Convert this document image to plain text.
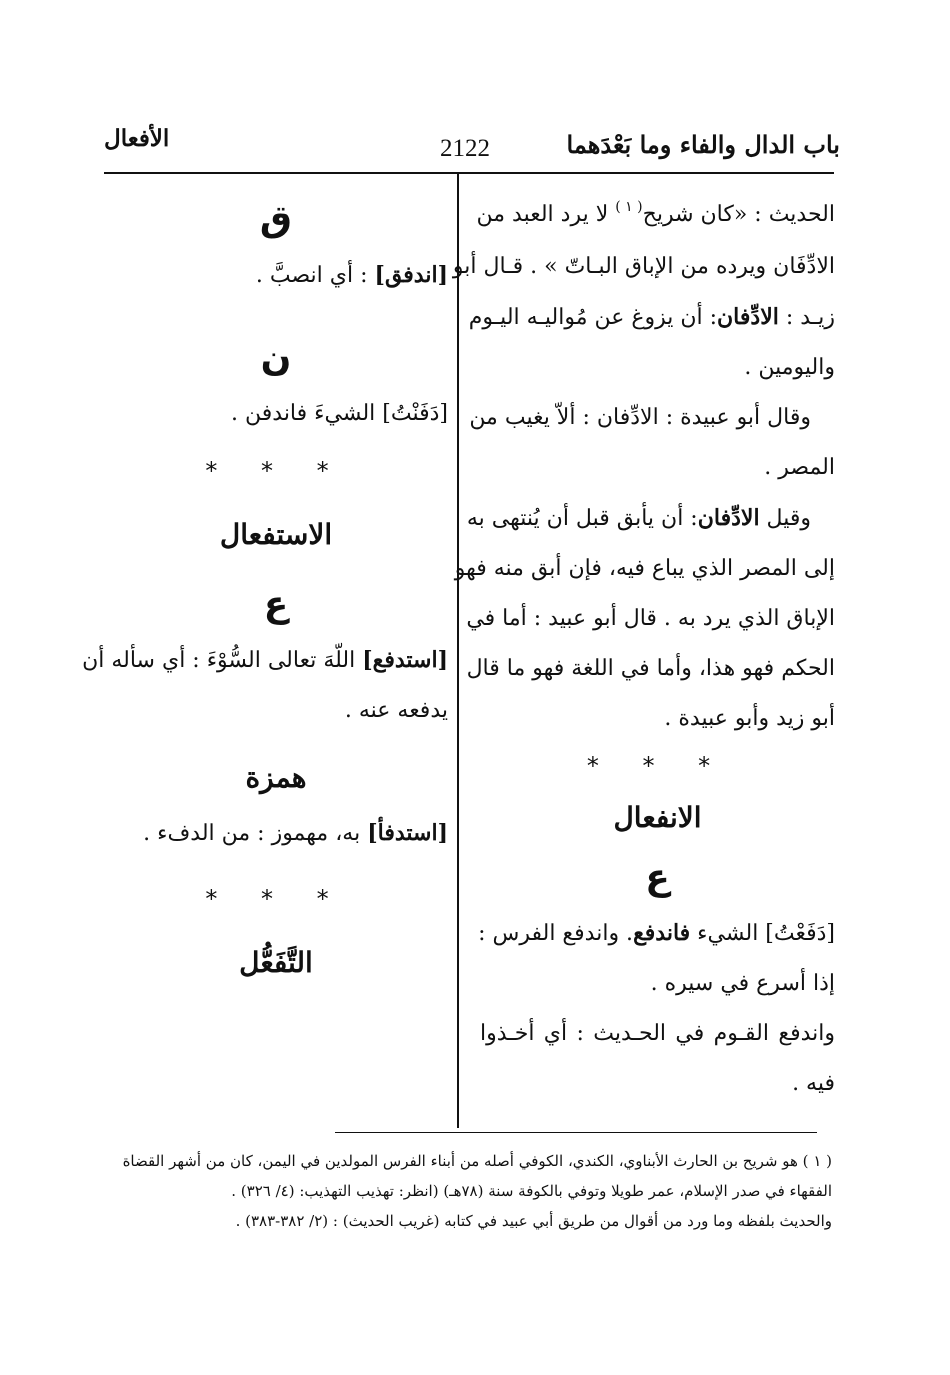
باب الدال والفاء وما بَعْدَهما
2122
الأفعال
الحديث : «كان شريح$^{( ١ )}$ لا يرد العبد من
الادِّفَان ويرده من الإباق البـاتّ » . قـال أبو
زيـد : الادِّفان: أن يزوغ عن مُواليـه اليـوم
واليومين .
وقال أبو عبيدة : الادِّفان : ألاّ يغيب من
المصر .
وقيل الادِّفان: أن يأبق قبل أن يُنتهى به
إلى المصر الذي يباع فيه، فإن أبق منه فهو
الإباق الذي يرد به . قال أبو عبيد : أما في
الحكم فهو هذا، وأما في اللغة فهو ما قال
أبو زيد وأبو عبيدة .
* * *
الانفعال
ع
[دَفَعْتُ] الشيء فاندفع. واندفع الفرس :
إذا أسرع في سيره .
واندفع القـوم في الحـديث : أي أخـذوا
فيه .
ق
[اندفق] : أي انصبَّ .
ن
[دَفَنْتُ] الشيءَ فاندفن .
* * *
الاستفعال
ع
[استدفع] اللّهَ تعالى السُّوْءَ : أي سأله أن
يدفعه عنه .
همزة
[استدفأ] به، مهموز : من الدفء .
* * *
التَّفَعُّل
( ١ ) هو شريح بن الحارث الأبناوي، الكندي، الكوفي أصله من أبناء الفرس المولدين في اليمن، كان من أشهر القضاة
الفقهاء في صدر الإسلام، عمر طويلا وتوفي بالكوفة سنة (٧٨هـ) (انظر: تهذيب التهذيب: (٤/ ٣٢٦) .
والحديث بلفظه وما ورد من أقوال من طريق أبي عبيد في كتابه (غريب الحديث) : (٢/ ٣٨٢-٣٨٣) .
